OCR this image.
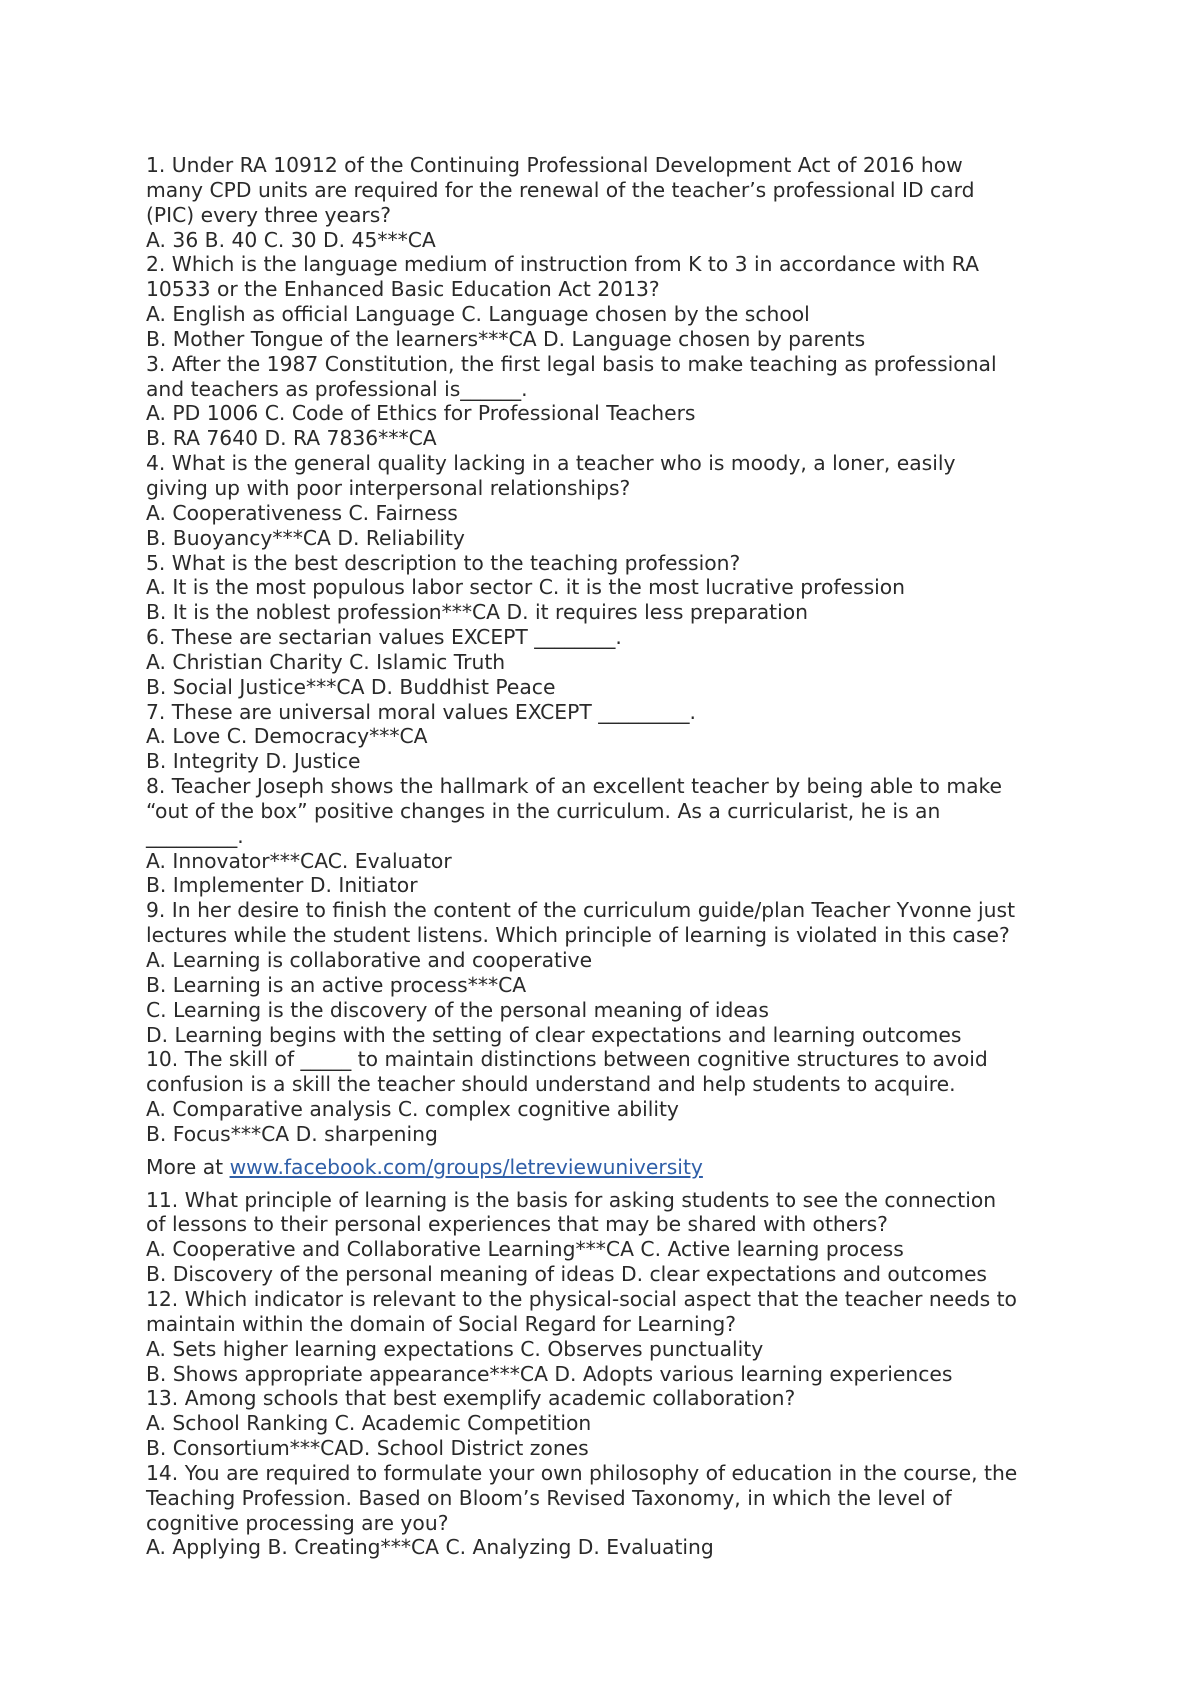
1. Under RA 10912 of the Continuing Professional Development Act of 2016 how
many CPD units are required for the renewal of the teacher’s professional ID card
(PIC) every three years?
A. 36 B. 40 C. 30 D. 45***CA
2. Which is the language medium of instruction from K to 3 in accordance with RA
10533 or the Enhanced Basic Education Act 2013?
A. English as official Language C. Language chosen by the school
B. Mother Tongue of the learners***CA D. Language chosen by parents
3. After the 1987 Constitution, the first legal basis to make teaching as professional
and teachers as professional is______.
A. PD 1006 C. Code of Ethics for Professional Teachers
B. RA 7640 D. RA 7836***CA
4. What is the general quality lacking in a teacher who is moody, a loner, easily
giving up with poor interpersonal relationships?
A. Cooperativeness C. Fairness
B. Buoyancy***CA D. Reliability
5. What is the best description to the teaching profession?
A. It is the most populous labor sector C. it is the most lucrative profession
B. It is the noblest profession***CA D. it requires less preparation
6. These are sectarian values EXCEPT ________.
A. Christian Charity C. Islamic Truth
B. Social Justice***CA D. Buddhist Peace
7. These are universal moral values EXCEPT _________.
A. Love C. Democracy***CA
B. Integrity D. Justice
8. Teacher Joseph shows the hallmark of an excellent teacher by being able to make
“out of the box” positive changes in the curriculum. As a curricularist, he is an
_________.
A. Innovator***CAC. Evaluator
B. Implementer D. Initiator
9. In her desire to finish the content of the curriculum guide/plan Teacher Yvonne just
lectures while the student listens. Which principle of learning is violated in this case?
A. Learning is collaborative and cooperative
B. Learning is an active process***CA
C. Learning is the discovery of the personal meaning of ideas
D. Learning begins with the setting of clear expectations and learning outcomes
10. The skill of _____ to maintain distinctions between cognitive structures to avoid
confusion is a skill the teacher should understand and help students to acquire.
A. Comparative analysis C. complex cognitive ability
B. Focus***CA D. sharpening
More at www.facebook.com/groups/letreviewuniversity
11. What principle of learning is the basis for asking students to see the connection
of lessons to their personal experiences that may be shared with others?
A. Cooperative and Collaborative Learning***CA C. Active learning process
B. Discovery of the personal meaning of ideas D. clear expectations and outcomes
12. Which indicator is relevant to the physical-social aspect that the teacher needs to
maintain within the domain of Social Regard for Learning?
A. Sets higher learning expectations C. Observes punctuality
B. Shows appropriate appearance***CA D. Adopts various learning experiences
13. Among schools that best exemplify academic collaboration?
A. School Ranking C. Academic Competition
B. Consortium***CAD. School District zones
14. You are required to formulate your own philosophy of education in the course, the
Teaching Profession. Based on Bloom’s Revised Taxonomy, in which the level of
cognitive processing are you?
A. Applying B. Creating***CA C. Analyzing D. Evaluating
